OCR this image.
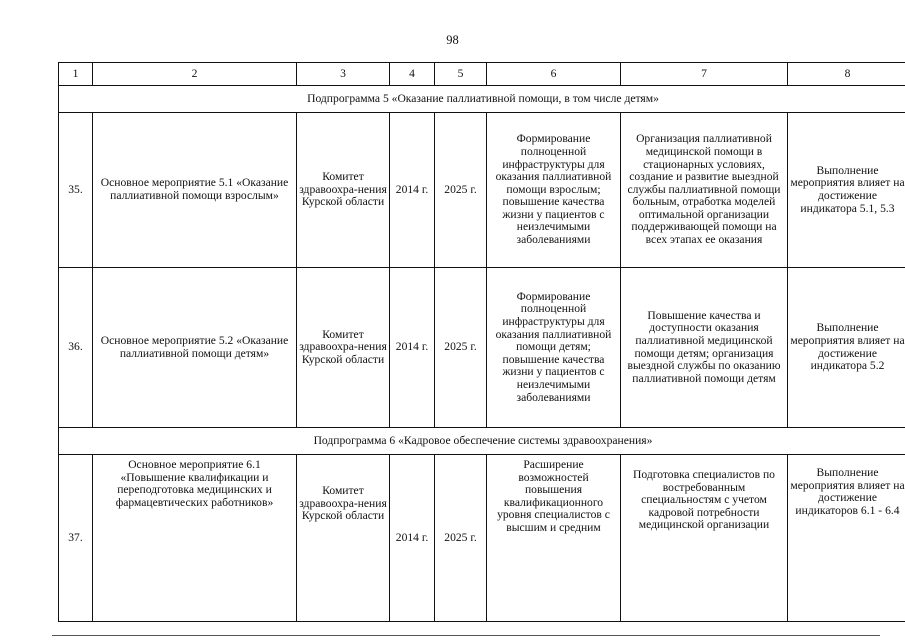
98
1	2	3	4	5	6	7	8
Подпрограмма 5 «Оказание паллиативной помощи, в том числе детям»							
35.	Основное мероприятие 5.1 «Оказание паллиативной помощи взрослым»	Комитет здравоохра-нения Курской области	2014 г.	2025 г.	Формирование полноценной инфраструктуры для оказания паллиативной помощи взрослым; повышение качества жизни у пациентов с неизлечимыми заболеваниями	Организация паллиативной медицинской помощи в стационарных условиях, создание и развитие выездной службы паллиативной помощи больным, отработка моделей оптимальной организации поддерживающей помощи на всех этапах ее оказания	Выполнение мероприятия влияет на достижение индикатора 5.1, 5.3
36.	Основное мероприятие 5.2 «Оказание паллиативной помощи детям»	Комитет здравоохра-нения Курской области	2014 г.	2025 г.	Формирование полноценной инфраструктуры для оказания паллиативной помощи детям; повышение качества жизни у пациентов с неизлечимыми заболеваниями	Повышение качества и доступности оказания паллиативной медицинской помощи детям; организация выездной службы по оказанию паллиативной помощи детям	Выполнение мероприятия влияет на достижение индикатора 5.2
Подпрограмма 6 «Кадровое обеспечение системы здравоохранения»							
37.	Основное мероприятие 6.1 «Повышение квалификации и переподготовка медицинских и фармацевтических работников»	Комитет здравоохра-нения Курской области	2014 г.	2025 г.	Расширение возможностей повышения квалификационного уровня специалистов с высшим и средним	Подготовка специалистов по востребованным специальностям с учетом кадровой потребности медицинской организации	Выполнение мероприятия влияет на достижение индикаторов 6.1 - 6.4
